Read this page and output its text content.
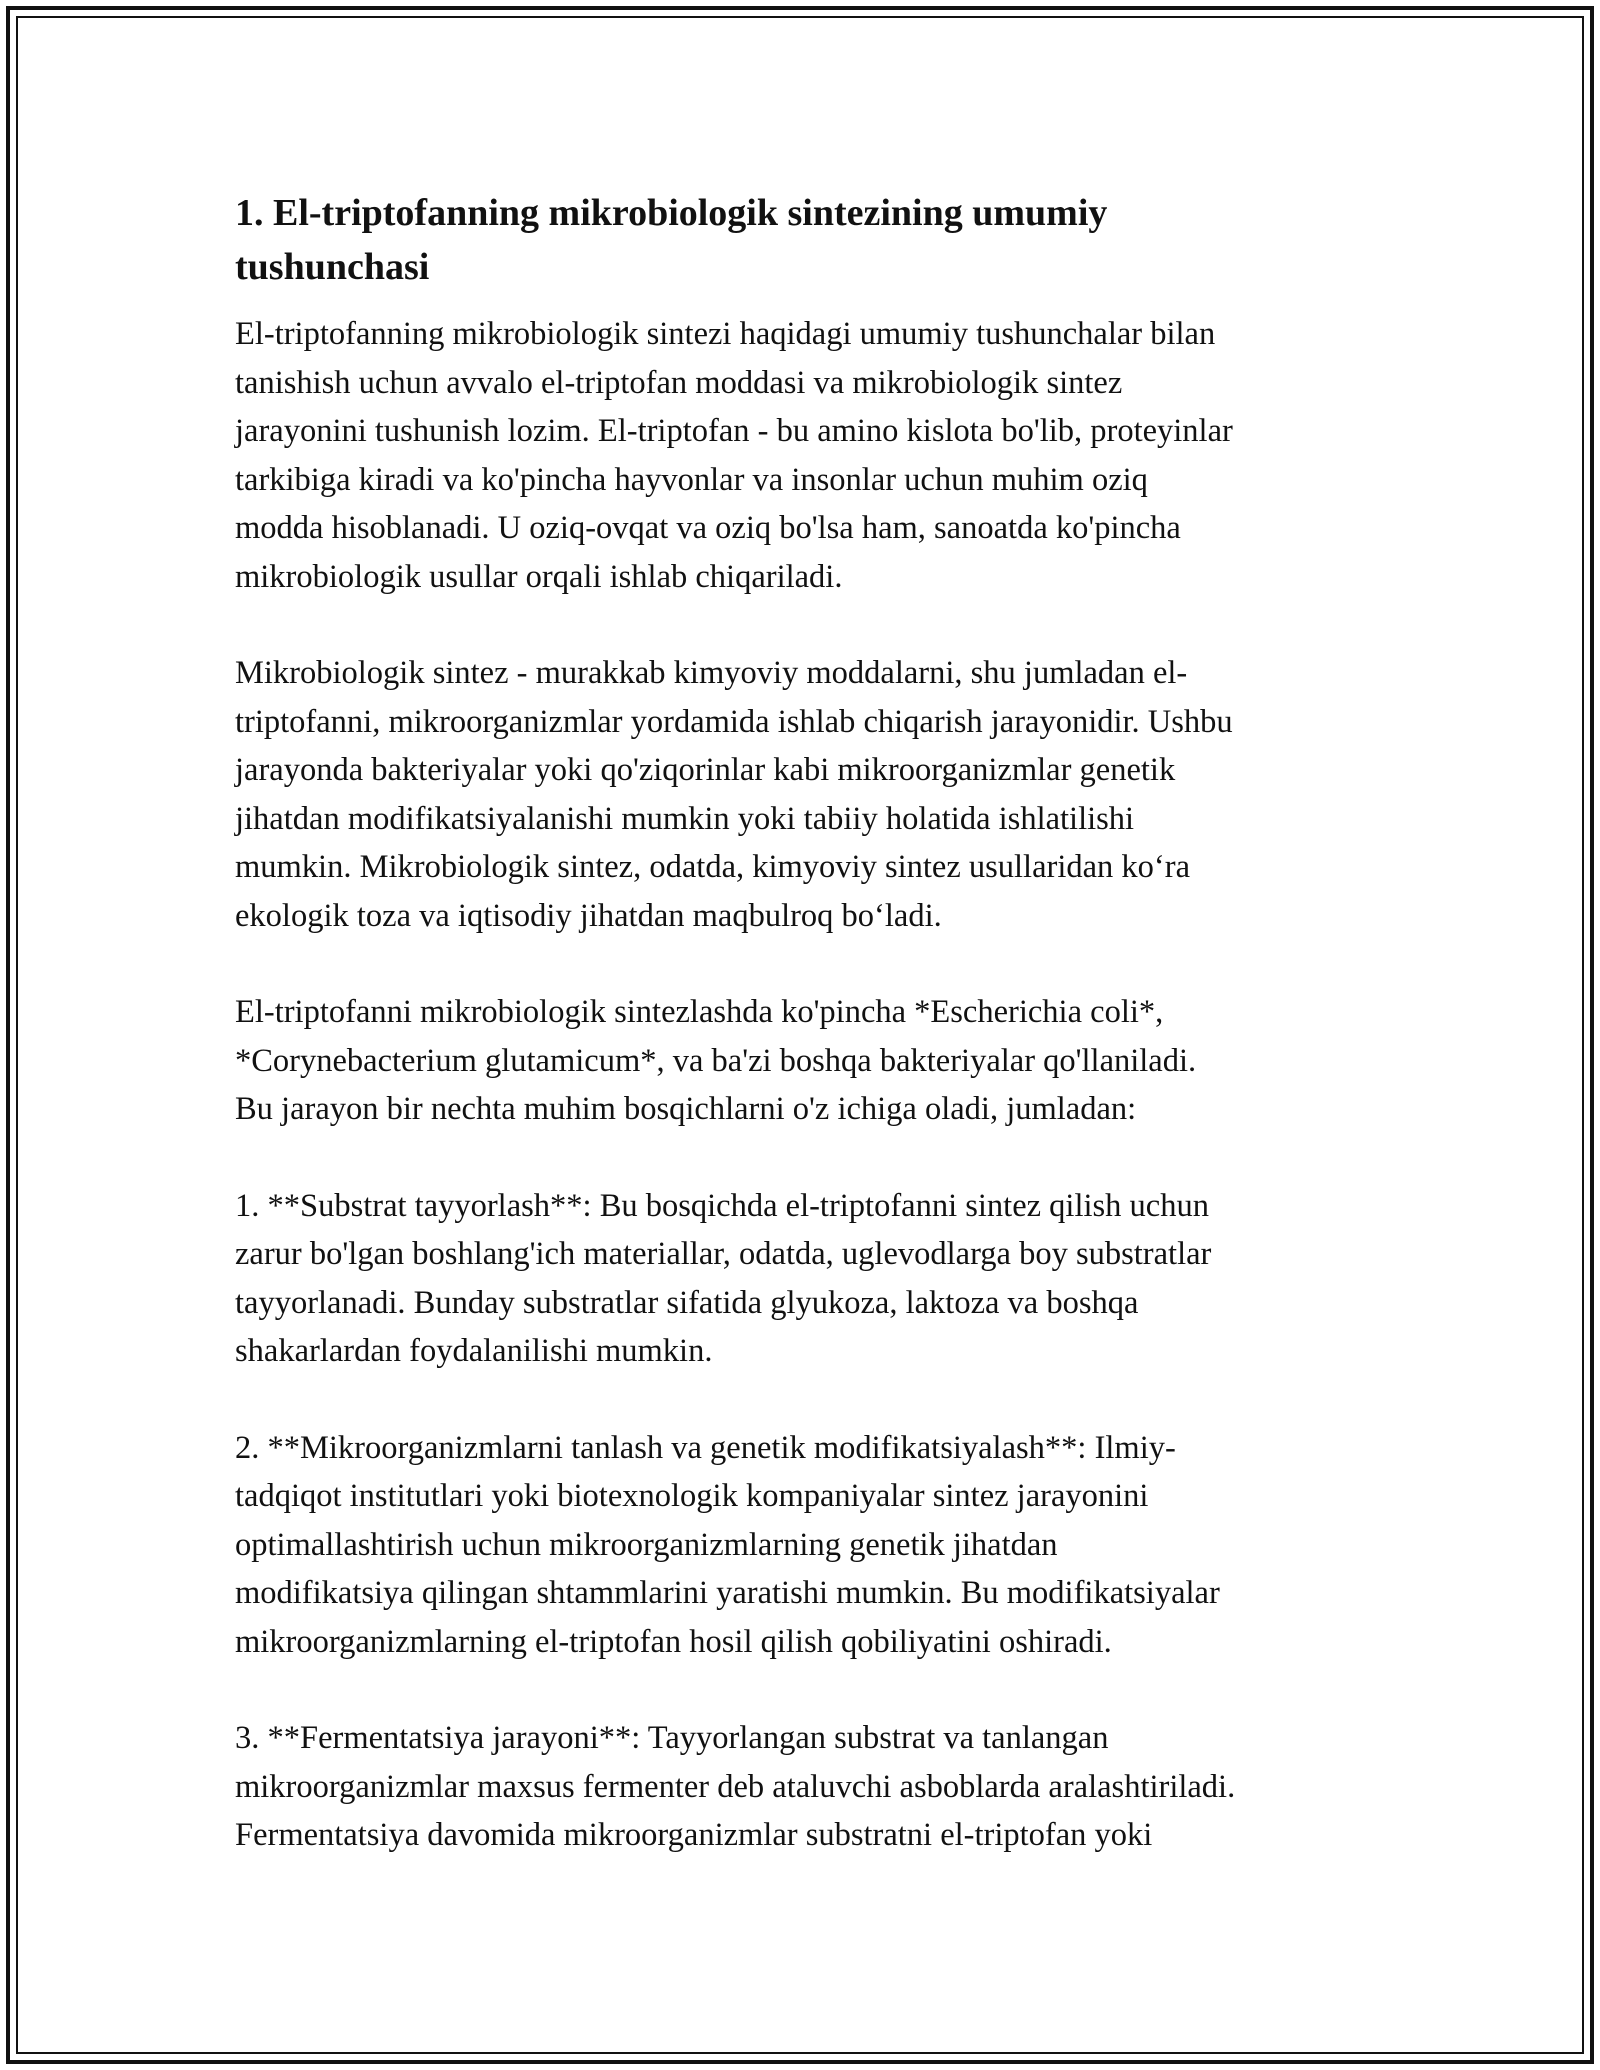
1. El-triptofanning mikrobiologik sintezining umumiy
tushunchasi

El-triptofanning mikrobiologik sintezi haqidagi umumiy tushunchalar bilan
tanishish uchun avvalo el-triptofan moddasi va mikrobiologik sintez
jarayonini tushunish lozim. El-triptofan - bu amino kislota bo'lib, proteyinlar
tarkibiga kiradi va ko'pincha hayvonlar va insonlar uchun muhim oziq
modda hisoblanadi. U oziq-ovqat va oziq bo'lsa ham, sanoatda ko'pincha
mikrobiologik usullar orqali ishlab chiqariladi.

Mikrobiologik sintez - murakkab kimyoviy moddalarni, shu jumladan el-
triptofanni, mikroorganizmlar yordamida ishlab chiqarish jarayonidir. Ushbu
jarayonda bakteriyalar yoki qo'ziqorinlar kabi mikroorganizmlar genetik
jihatdan modifikatsiyalanishi mumkin yoki tabiiy holatida ishlatilishi
mumkin. Mikrobiologik sintez, odatda, kimyoviy sintez usullaridan ko‘ra
ekologik toza va iqtisodiy jihatdan maqbulroq bo‘ladi.

El-triptofanni mikrobiologik sintezlashda ko'pincha *Escherichia coli*,
*Corynebacterium glutamicum*, va ba'zi boshqa bakteriyalar qo'llaniladi.
Bu jarayon bir nechta muhim bosqichlarni o'z ichiga oladi, jumladan:

1. **Substrat tayyorlash**: Bu bosqichda el-triptofanni sintez qilish uchun
zarur bo'lgan boshlang'ich materiallar, odatda, uglevodlarga boy substratlar
tayyorlanadi. Bunday substratlar sifatida glyukoza, laktoza va boshqa
shakarlardan foydalanilishi mumkin.

2. **Mikroorganizmlarni tanlash va genetik modifikatsiyalash**: Ilmiy-
tadqiqot institutlari yoki biotexnologik kompaniyalar sintez jarayonini
optimallashtirish uchun mikroorganizmlarning genetik jihatdan
modifikatsiya qilingan shtammlarini yaratishi mumkin. Bu modifikatsiyalar
mikroorganizmlarning el-triptofan hosil qilish qobiliyatini oshiradi.

3. **Fermentatsiya jarayoni**: Tayyorlangan substrat va tanlangan
mikroorganizmlar maxsus fermenter deb ataluvchi asboblarda aralashtiriladi.
Fermentatsiya davomida mikroorganizmlar substratni el-triptofan yoki
